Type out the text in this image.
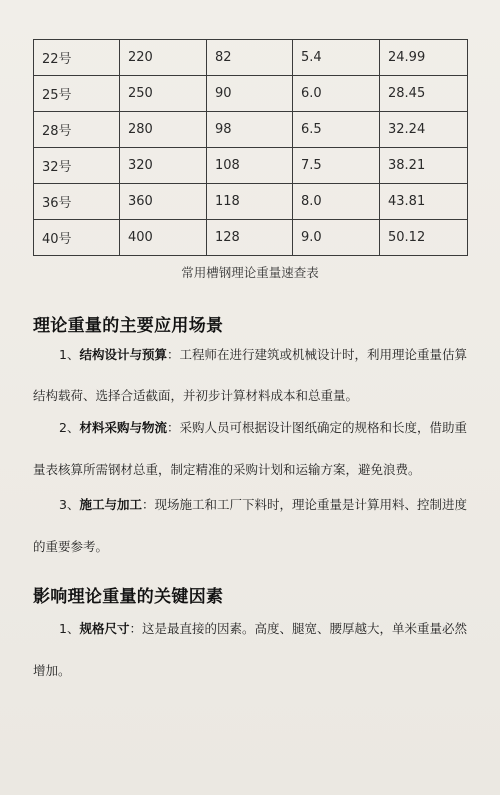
22号	220	82	5.4	24.99
25号	250	90	6.0	28.45
28号	280	98	6.5	32.24
32号	320	108	7.5	38.21
36号	360	118	8.0	43.81
40号	400	128	9.0	50.12
常用槽钢理论重量速查表
理论重量的主要应用场景

1、结构设计与预算：工程师在进行建筑或机械设计时，利用理论重量估算
结构载荷、选择合适截面，并初步计算材料成本和总重量。

2、材料采购与物流：采购人员可根据设计图纸确定的规格和长度，借助重
量表核算所需钢材总重，制定精准的采购计划和运输方案，避免浪费。

3、施工与加工：现场施工和工厂下料时，理论重量是计算用料、控制进度
的重要参考。

影响理论重量的关键因素

1、规格尺寸：这是最直接的因素。高度、腿宽、腰厚越大，单米重量必然
增加。
